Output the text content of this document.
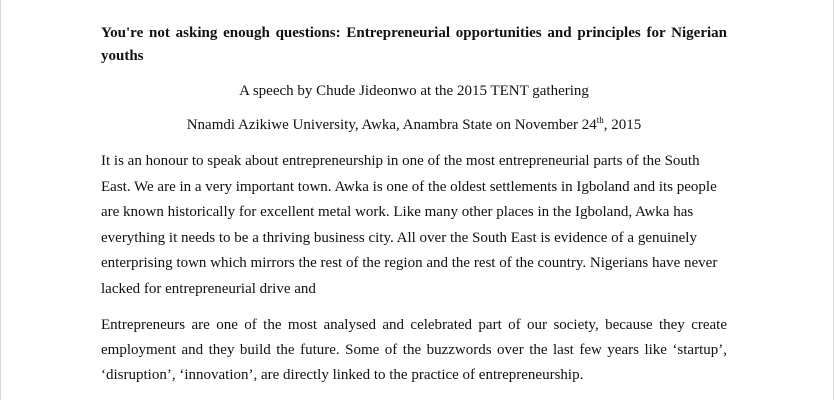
You're not asking enough questions: Entrepreneurial opportunities and principles for Nigerian youths
A speech by Chude Jideonwo at the 2015 TENT gathering
Nnamdi Azikiwe University, Awka, Anambra State on November 24th, 2015

It is an honour to speak about entrepreneurship in one of the most entrepreneurial parts of the South East. We are in a very important town. Awka is one of the oldest settlements in Igboland and its people are known historically for excellent metal work. Like many other places in the Igboland, Awka has everything it needs to be a thriving business city. All over the South East is evidence of a genuinely enterprising town which mirrors the rest of the region and the rest of the country. Nigerians have never lacked for entrepreneurial drive and

Entrepreneurs are one of the most analysed and celebrated part of our society, because they create employment and they build the future. Some of the buzzwords over the last few years like ‘startup’, ‘disruption’, ‘innovation’, are directly linked to the practice of entrepreneurship.
